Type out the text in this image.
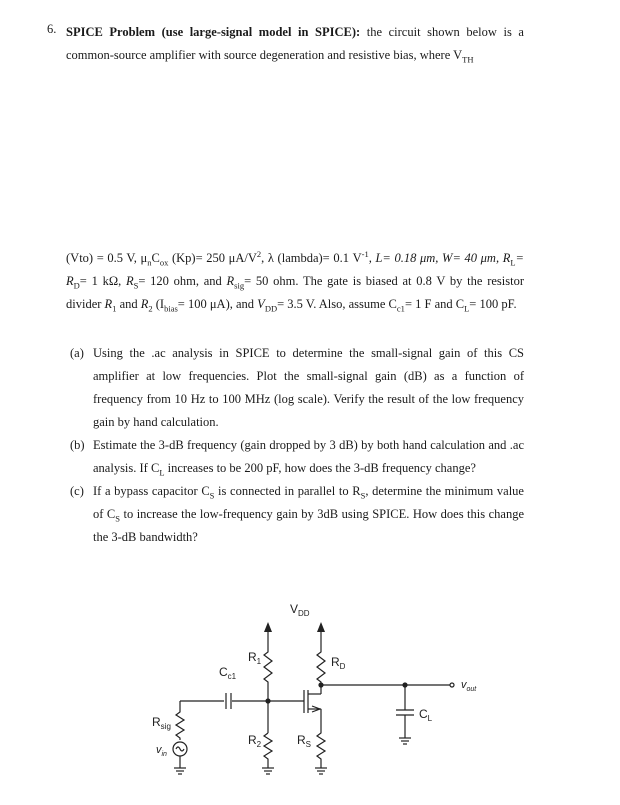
6. SPICE Problem (use large-signal model in SPICE): the circuit shown below is a common-source amplifier with source degeneration and resistive bias, where $V_{TH}$
(Vto) = 0.5 V, $\mu_nC_{ox}$ (Kp)= 250 $\mu A/V^2$, λ (lambda)= 0.1 $V^{-1}$, L= 0.18 μm, W= 40 μm, $R_L= R_D= 1$ kΩ, $R_S= 120$ ohm, and $R_{sig}= 50$ ohm. The gate is biased at 0.8 V by the resistor divider $R_1$ and $R_2$ ($I_{bias}= 100$ μA), and $V_{DD}= 3.5$ V. Also, assume $C_{c1}= 1$ F and $C_L= 100$ pF.
(a) Using the .ac analysis in SPICE to determine the small-signal gain of this CS amplifier at low frequencies. Plot the small-signal gain (dB) as a function of frequency from 10 Hz to 100 MHz (log scale). Verify the result of the low frequency gain by hand calculation.
(b) Estimate the 3-dB frequency (gain dropped by 3 dB) by both hand calculation and .ac analysis. If $C_L$ increases to be 200 pF, how does the 3-dB frequency change?
(c) If a bypass capacitor $C_S$ is connected in parallel to $R_S$, determine the minimum value of $C_S$ to increase the low-frequency gain by 3dB using SPICE. How does this change the 3-dB bandwidth?
$V_{DD}$
$R_1$	$R_D$
$v_{out}$
$C_L$
$C_{c1}$
$R_{sig}$
$v_{in}$
$R_2$	$R_S$
